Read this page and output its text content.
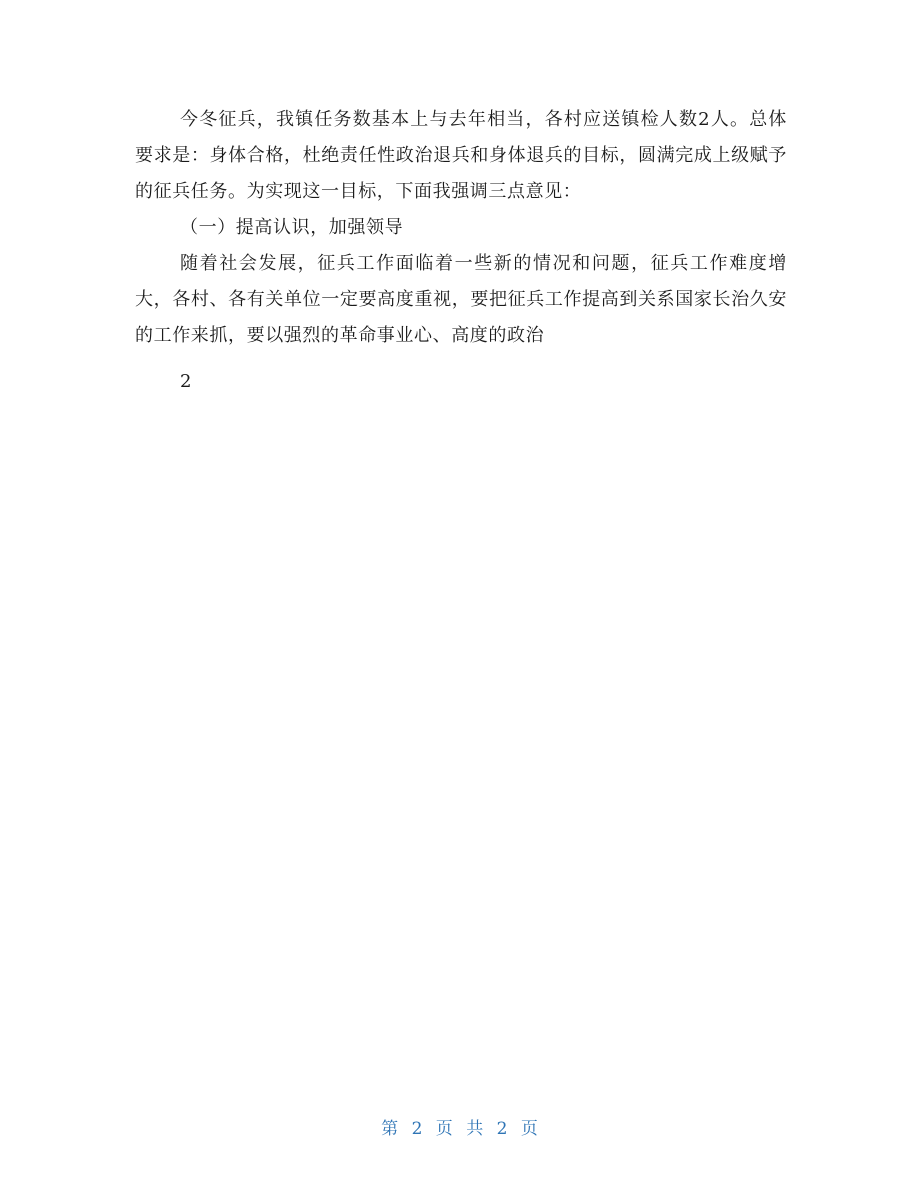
今冬征兵，我镇任务数基本上与去年相当，各村应送镇检人数2人。总体要求是：身体合格，杜绝责任性政治退兵和身体退兵的目标，圆满完成上级赋予的征兵任务。为实现这一目标，下面我强调三点意见：

（一）提高认识，加强领导

随着社会发展，征兵工作面临着一些新的情况和问题，征兵工作难度增大，各村、各有关单位一定要高度重视，要把征兵工作提高到关系国家长治久安的工作来抓，要以强烈的革命事业心、高度的政治

2

第 2 页 共 2 页
